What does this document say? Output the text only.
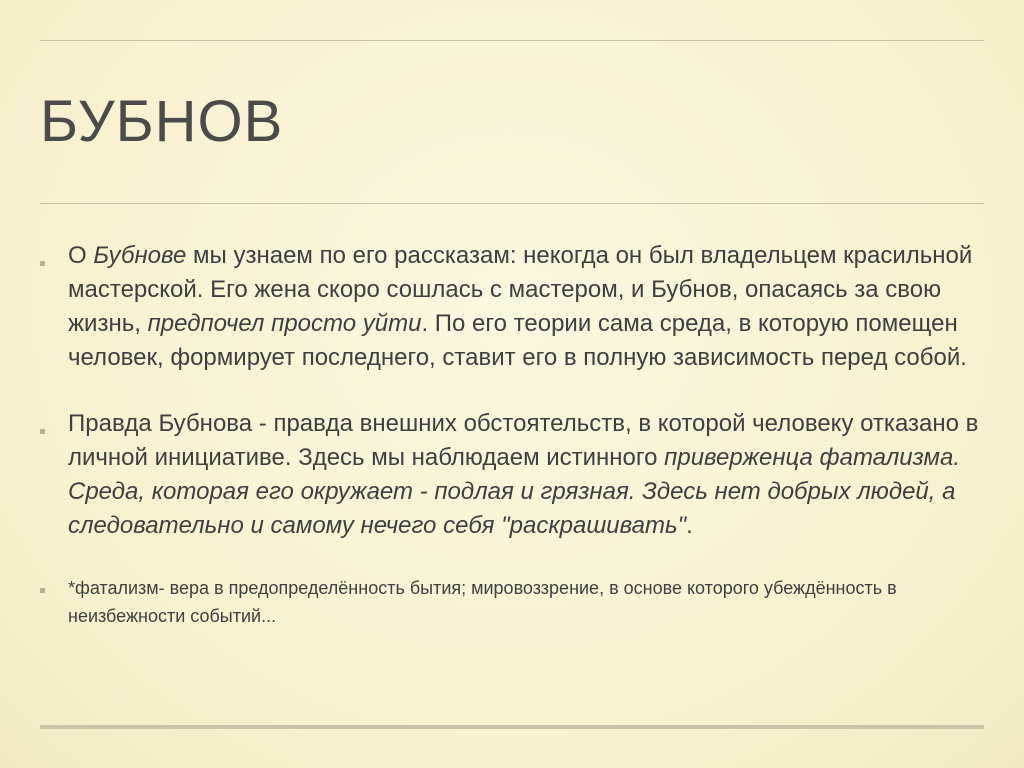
БУБНОВ
О Бубнове мы узнаем по его рассказам: некогда он был владельцем красильной мастерской. Его жена скоро сошлась с мастером, и Бубнов, опасаясь за свою жизнь, предпочел просто уйти. По его теории сама среда, в которую помещен человек, формирует последнего, ставит его в полную зависимость перед собой.
Правда Бубнова - правда внешних обстоятельств, в которой человеку отказано в личной инициативе. Здесь мы наблюдаем истинного приверженца фатализма. Среда, которая его окружает - подлая и грязная. Здесь нет добрых людей, а следовательно и самому нечего себя "раскрашивать".
*фатализм- вера в предопределённость бытия; мировоззрение, в основе которого убеждённость в неизбежности событий...
